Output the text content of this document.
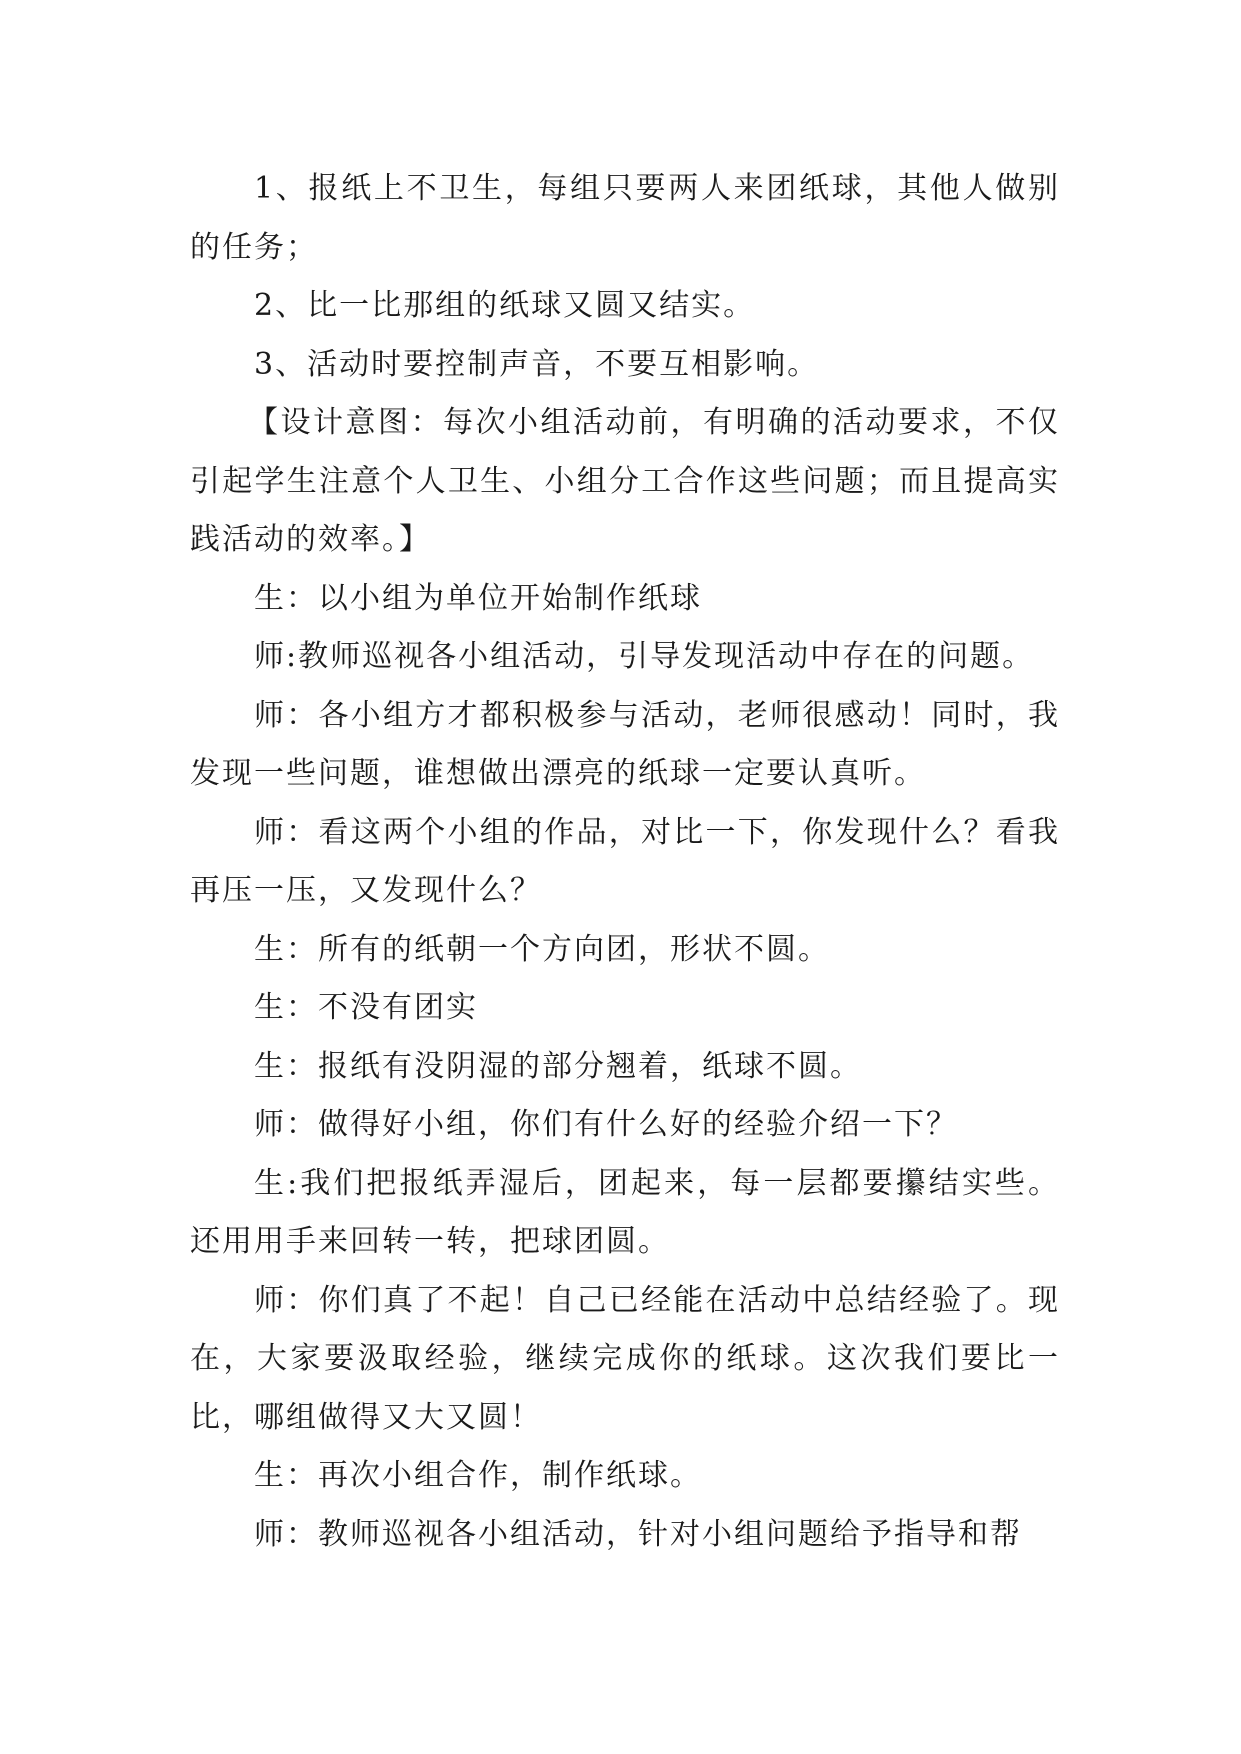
1、报纸上不卫生，每组只要两人来团纸球，其他人做别的任务；

2、比一比那组的纸球又圆又结实。

3、活动时要控制声音，不要互相影响。

【设计意图：每次小组活动前，有明确的活动要求，不仅引起学生注意个人卫生、小组分工合作这些问题；而且提高实践活动的效率。】

生：以小组为单位开始制作纸球

师:教师巡视各小组活动，引导发现活动中存在的问题。

师：各小组方才都积极参与活动，老师很感动！同时，我发现一些问题，谁想做出漂亮的纸球一定要认真听。

师：看这两个小组的作品，对比一下，你发现什么？看我再压一压，又发现什么？

生：所有的纸朝一个方向团，形状不圆。

生：不没有团实

生：报纸有没阴湿的部分翘着，纸球不圆。

师：做得好小组，你们有什么好的经验介绍一下？

生:我们把报纸弄湿后，团起来，每一层都要攥结实些。还用用手来回转一转，把球团圆。

师：你们真了不起！自己已经能在活动中总结经验了。现在，大家要汲取经验，继续完成你的纸球。这次我们要比一比，哪组做得又大又圆！

生：再次小组合作，制作纸球。

师：教师巡视各小组活动，针对小组问题给予指导和帮
